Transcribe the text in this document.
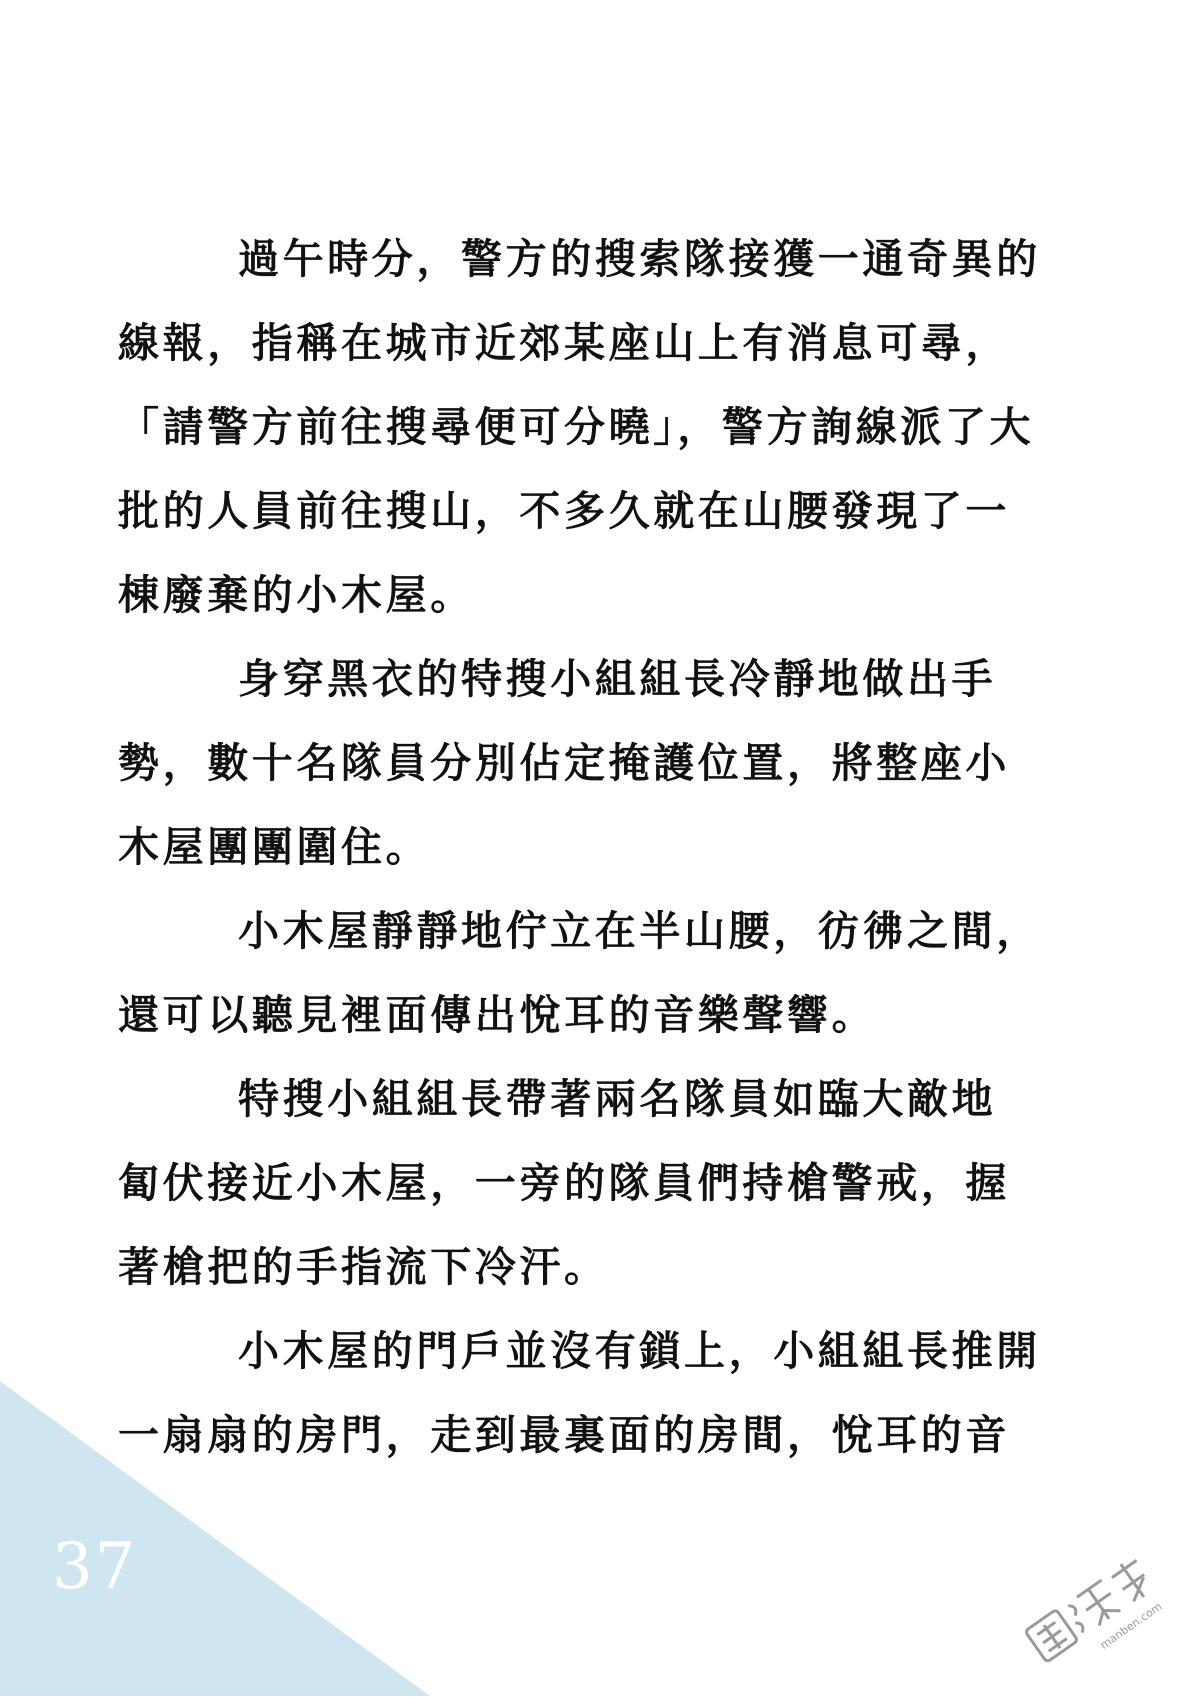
過午時分，警方的搜索隊接獲一通奇異的
線報，指稱在城市近郊某座山上有消息可尋，
「請警方前往搜尋便可分曉」，警方詢線派了大
批的人員前往搜山，不多久就在山腰發現了一
棟廢棄的小木屋。
身穿黑衣的特搜小組組長冷靜地做出手
勢，數十名隊員分別佔定掩護位置，將整座小
木屋團團圍住。
小木屋靜靜地佇立在半山腰，彷彿之間，
還可以聽見裡面傳出悅耳的音樂聲響。
特搜小組組長帶著兩名隊員如臨大敵地
匐伏接近小木屋，一旁的隊員們持槍警戒，握
著槍把的手指流下冷汗。
小木屋的門戶並沒有鎖上，小組組長推開
一扇扇的房門，走到最裏面的房間，悅耳的音
37
manben.com
